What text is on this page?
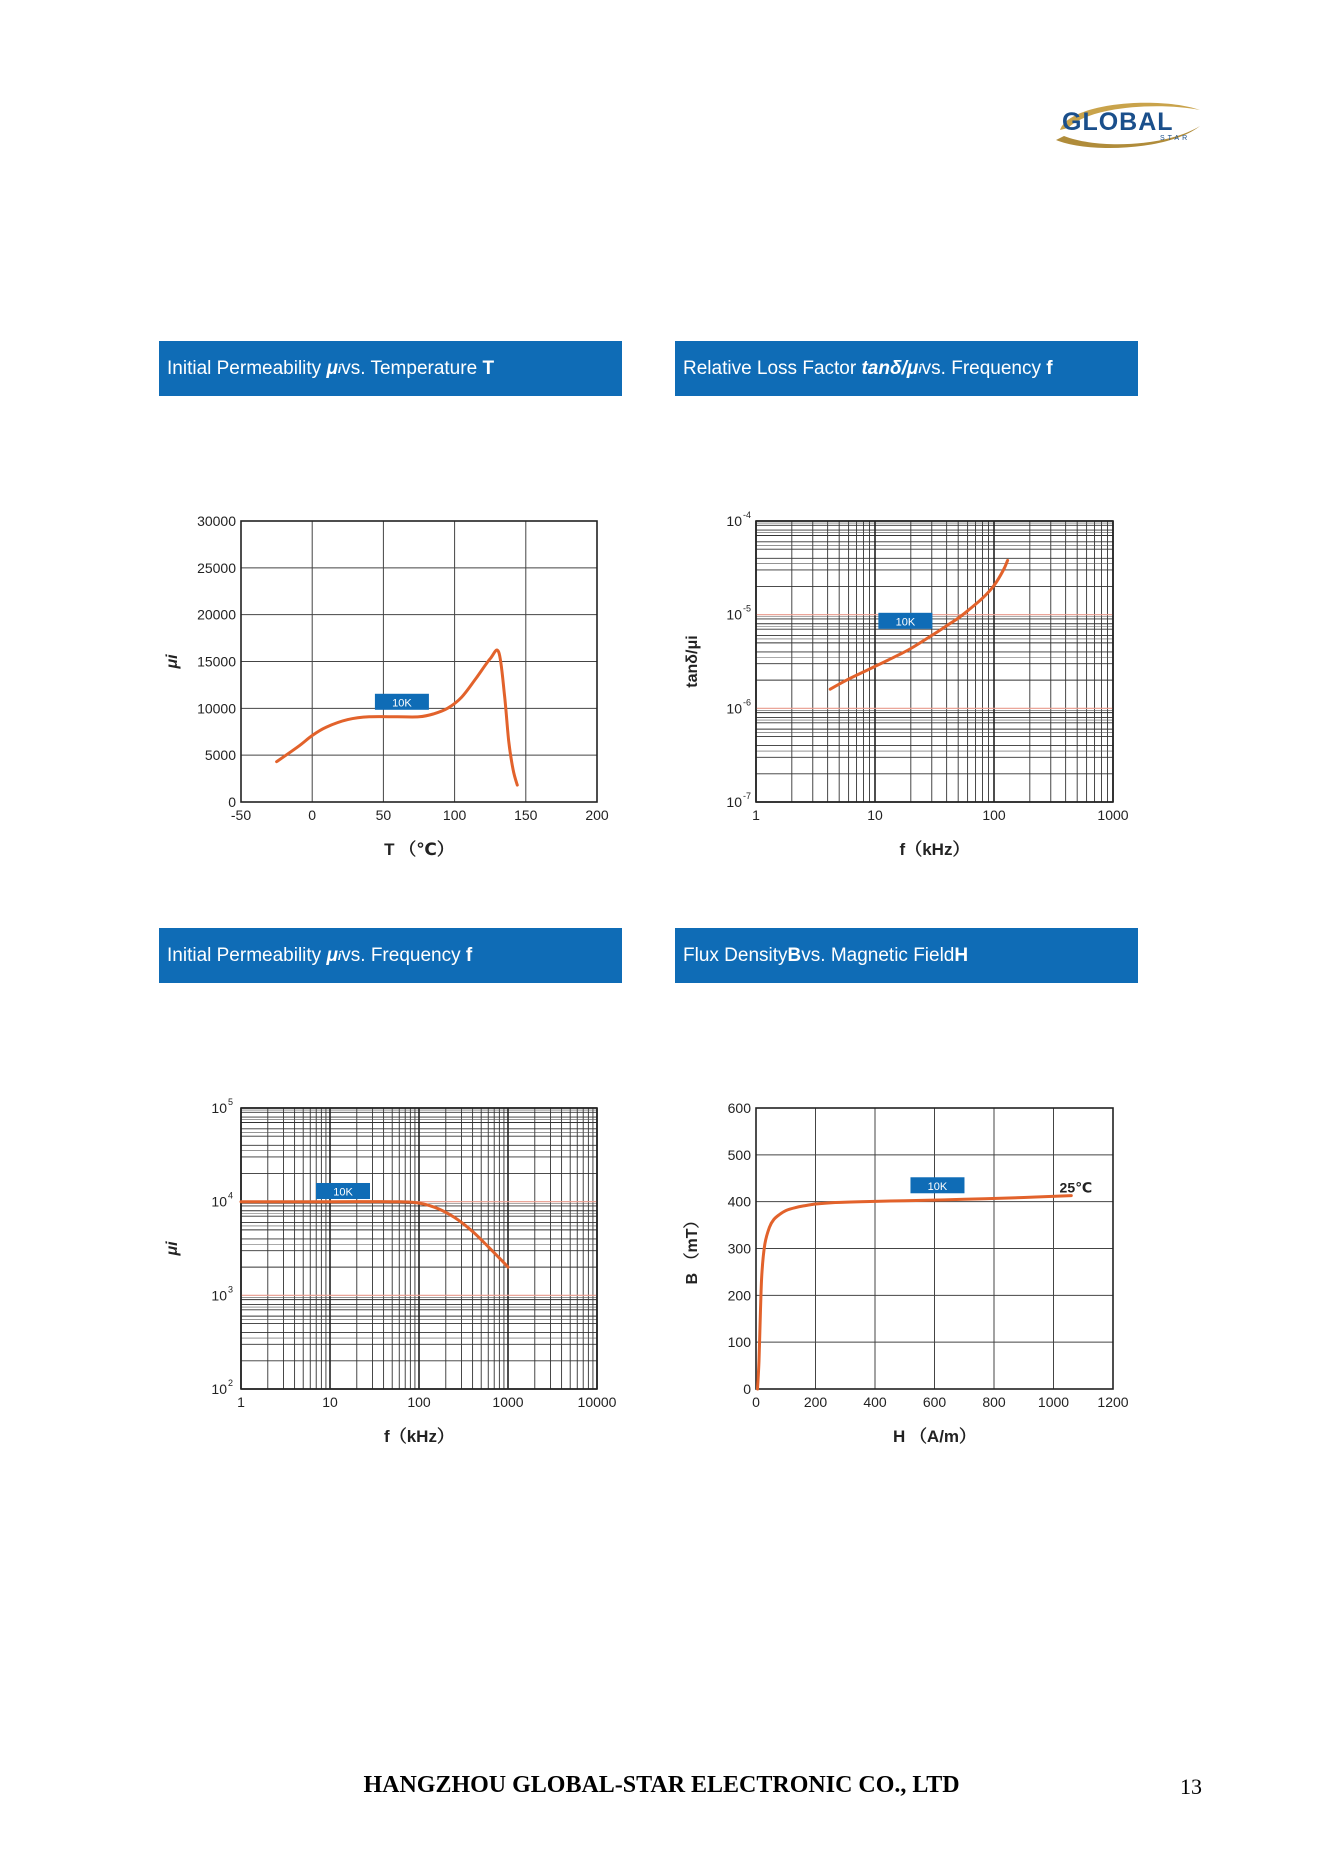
GLOBAL
STAR
Initial Permeability
μ i vs. Temperature
T
-50	0	50	100	150	200
0
5000
10000
15000
20000
25000
30000
T （℃）
μi
10K
Relative Loss Factor
tanδ/μ i vs. Frequency
f
1	10	100	1000
10 -7
10 -6
10 -5
10 -4
f（kHz）
tanδ/μi
10K
Initial Permeability
μ i vs. Frequency
f
1	10	100	1000	10000
10 2
10 3
10 4
10 5
f（kHz）
μi
10K
Flux Density B vs. Magnetic Field H
0	200	400	600	800 1000 1200
0
100
200
300
400
500
600
H （A/m）
B （mT）
10K	25℃
HANGZHOU GLOBAL-STAR ELECTRONIC CO., LTD	13
